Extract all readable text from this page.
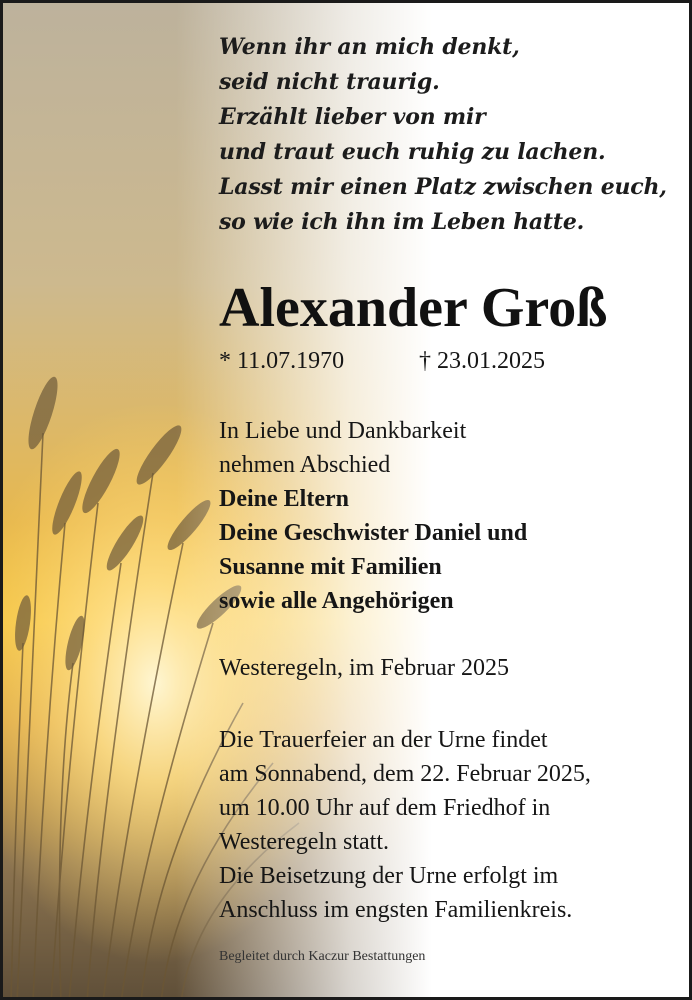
Wenn ihr an mich denkt,
seid nicht traurig.
Erzählt lieber von mir
und traut euch ruhig zu lachen.
Lasst mir einen Platz zwischen euch,
so wie ich ihn im Leben hatte.
Alexander Groß
* 11.07.1970	† 23.01.2025
In Liebe und Dankbarkeit
nehmen Abschied
Deine Eltern
Deine Geschwister Daniel und
Susanne mit Familien
sowie alle Angehörigen
Westeregeln, im Februar 2025
Die Trauerfeier an der Urne findet
am Sonnabend, dem 22. Februar 2025,
um 10.00 Uhr auf dem Friedhof in
Westeregeln statt.
Die Beisetzung der Urne erfolgt im
Anschluss im engsten Familienkreis.
Begleitet durch Kaczur Bestattungen
